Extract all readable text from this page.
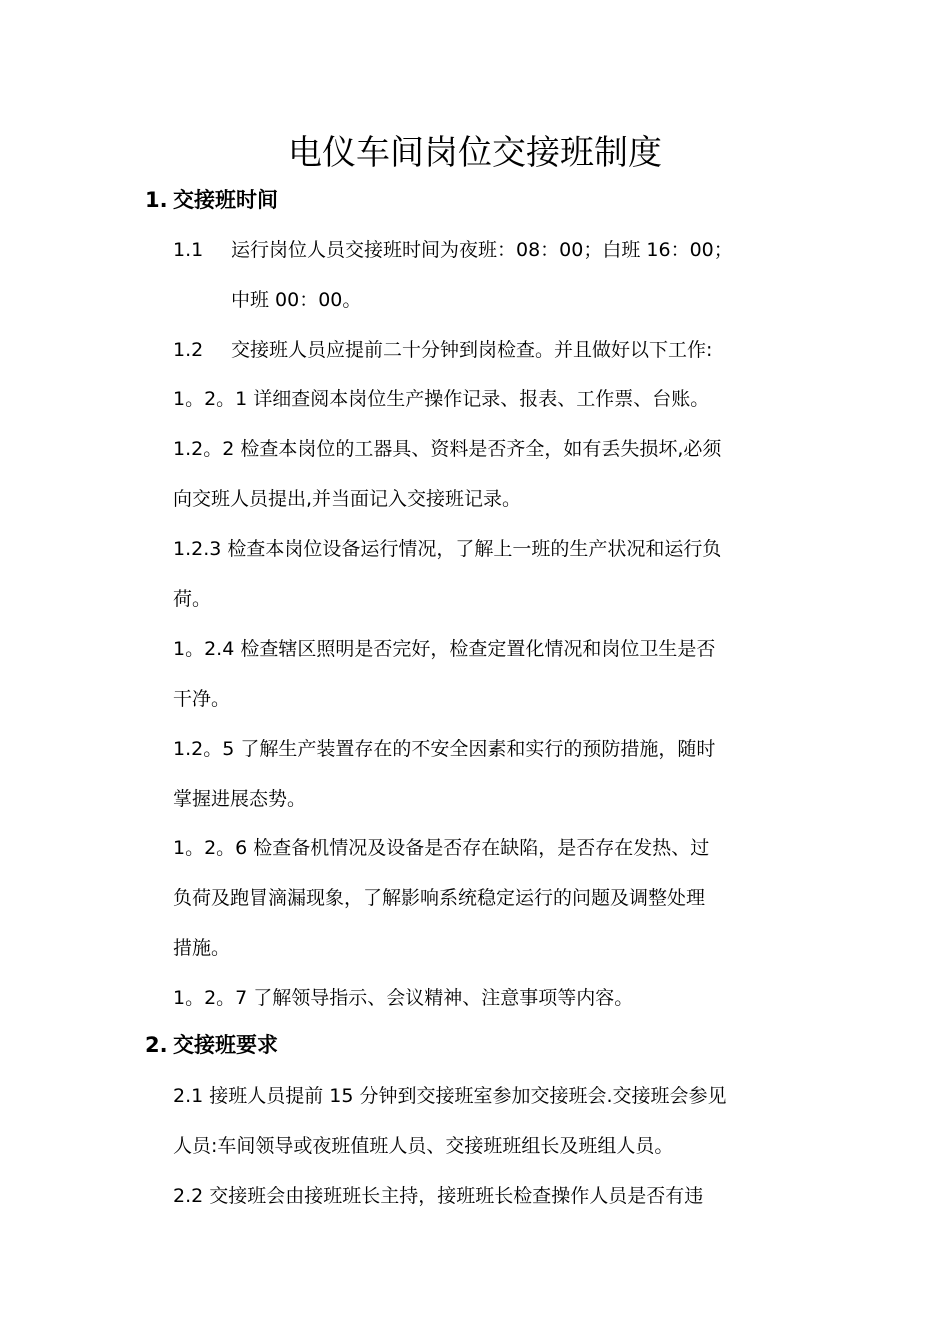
电仪车间岗位交接班制度
1. 交接班时间
1.1 运行岗位人员交接班时间为夜班：08：00；白班 16：00；
中班 00：00。
1.2 交接班人员应提前二十分钟到岗检查。并且做好以下工作:
1。2。1 详细查阅本岗位生产操作记录、报表、工作票、台账。
1.2。2 检查本岗位的工器具、资料是否齐全，如有丢失损坏,必须
向交班人员提出,并当面记入交接班记录。
1.2.3 检查本岗位设备运行情况，了解上一班的生产状况和运行负
荷。
1。2.4 检查辖区照明是否完好，检查定置化情况和岗位卫生是否
干净。
1.2。5 了解生产装置存在的不安全因素和实行的预防措施，随时
掌握进展态势。
1。2。6 检查备机情况及设备是否存在缺陷，是否存在发热、过
负荷及跑冒滴漏现象，了解影响系统稳定运行的问题及调整处理
措施。
1。2。7 了解领导指示、会议精神、注意事项等内容。
2. 交接班要求
2.1 接班人员提前 15 分钟到交接班室参加交接班会.交接班会参见
人员:车间领导或夜班值班人员、交接班班组长及班组人员。
2.2 交接班会由接班班长主持，接班班长检查操作人员是否有违
